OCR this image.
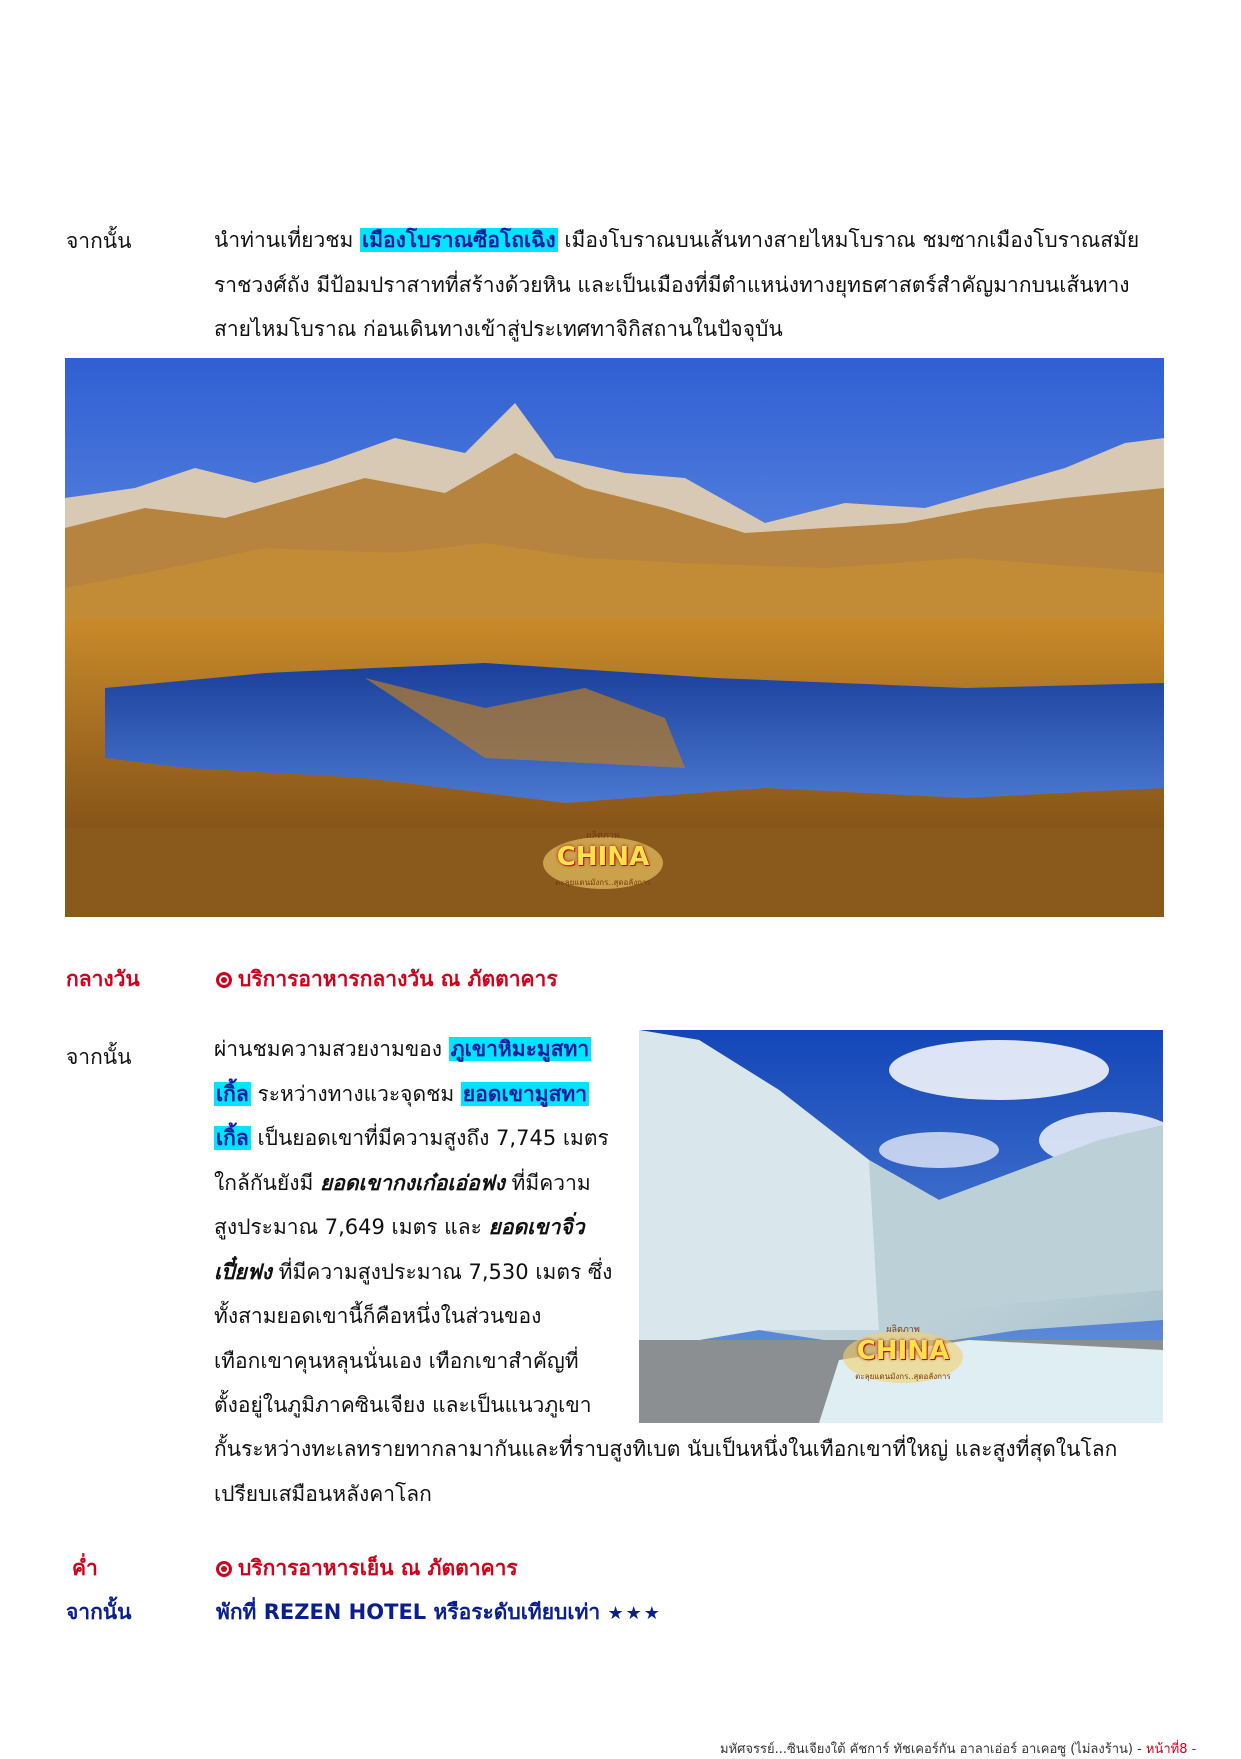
จากนั้น	นำท่านเที่ยวชม เมืองโบราณซือโถเฉิง เมืองโบราณบนเส้นทางสายไหมโบราณ ชมซากเมืองโบราณสมัย
ราชวงศ์ถัง มีป้อมปราสาทที่สร้างด้วยหิน และเป็นเมืองที่มีตำแหน่งทางยุทธศาสตร์สำคัญมากบนเส้นทาง
สายไหมโบราณ ก่อนเดินทางเข้าสู่ประเทศทาจิกิสถานในปัจจุบัน
ผลิตภาพ
CHINA
ตะลุยแดนมังกร..สุดอลังการ
กลางวัน	บริการอาหารกลางวัน ณ ภัตตาคาร
จากนั้น	ผ่านชมความสวยงามของ ภูเขาหิมะมูสทา
เกิ้ล ระหว่างทางแวะจุดชม ยอดเขามูสทา
เกิ้ล เป็นยอดเขาที่มีความสูงถึง 7,745 เมตร
ใกล้กันยังมี ยอดเขากงเก๋อเอ่อฟง ที่มีความ
สูงประมาณ 7,649 เมตร และ ยอดเขาจิ่ว
เปี๋ยฟง ที่มีความสูงประมาณ 7,530 เมตร ซึ่ง
ทั้งสามยอดเขานี้ก็คือหนึ่งในส่วนของ
เทือกเขาคุนหลุนนั่นเอง เทือกเขาสำคัญที่
ตั้งอยู่ในภูมิภาคซินเจียง และเป็นแนวภูเขา
กั้นระหว่างทะเลทรายทากลามากันและที่ราบสูงทิเบต นับเป็นหนึ่งในเทือกเขาที่ใหญ่ และสูงที่สุดในโลก
เปรียบเสมือนหลังคาโลก
ผลิตภาพ
CHINA
ตะลุยแดนมังกร..สุดอลังการ
ค่ำ	บริการอาหารเย็น ณ ภัตตาคาร
จากนั้น	พักที่ REZEN HOTEL หรือระดับเทียบเท่า ★★★
มหัศจรรย์...ซินเจียงใต้ คัชการ์ ทัชเคอร์กัน อาลาเอ่อร์ อาเคอซู (ไม่ลงร้าน) - หน้าที่8 -
